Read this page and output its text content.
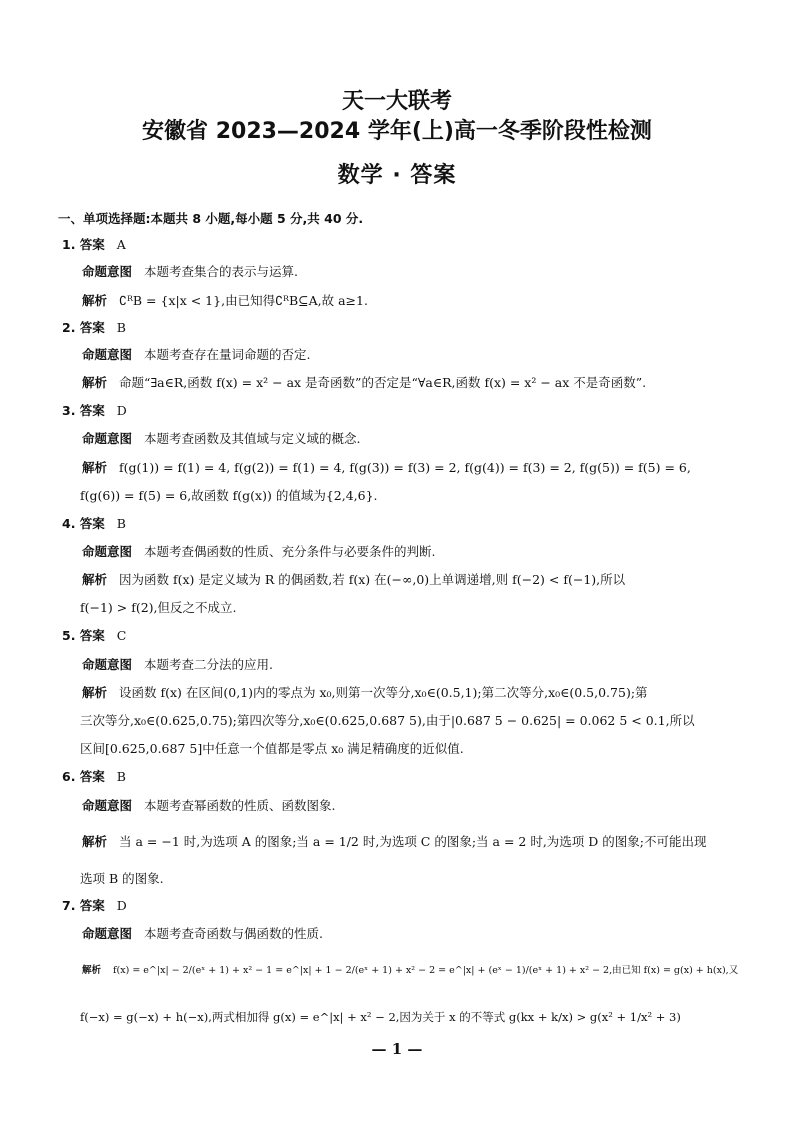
天一大联考
安徽省 2023—2024 学年(上)高一冬季阶段性检测
数学 · 答案
一、单项选择题:本题共 8 小题,每小题 5 分,共 40 分.
1. 答案 A
命题意图 本题考查集合的表示与运算.
解析 ∁ᴿB = {x|x < 1},由已知得∁ᴿB⊆A,故 a≥1.
2. 答案 B
命题意图 本题考查存在量词命题的否定.
解析 命题“∃a∈R,函数 f(x) = x² − ax 是奇函数”的否定是“∀a∈R,函数 f(x) = x² − ax 不是奇函数”.
3. 答案 D
命题意图 本题考查函数及其值域与定义域的概念.
解析 f(g(1)) = f(1) = 4, f(g(2)) = f(1) = 4, f(g(3)) = f(3) = 2, f(g(4)) = f(3) = 2, f(g(5)) = f(5) = 6,
f(g(6)) = f(5) = 6,故函数 f(g(x)) 的值域为{2,4,6}.
4. 答案 B
命题意图 本题考查偶函数的性质、充分条件与必要条件的判断.
解析 因为函数 f(x) 是定义域为 R 的偶函数,若 f(x) 在(−∞,0)上单调递增,则 f(−2) < f(−1),所以
f(−1) > f(2),但反之不成立.
5. 答案 C
命题意图 本题考查二分法的应用.
解析 设函数 f(x) 在区间(0,1)内的零点为 x₀,则第一次等分,x₀∈(0.5,1);第二次等分,x₀∈(0.5,0.75);第
三次等分,x₀∈(0.625,0.75);第四次等分,x₀∈(0.625,0.687 5),由于|0.687 5 − 0.625| = 0.062 5 < 0.1,所以
区间[0.625,0.687 5]中任意一个值都是零点 x₀ 满足精确度的近似值.
6. 答案 B
命题意图 本题考查幂函数的性质、函数图象.
解析 当 a = −1 时,为选项 A 的图象;当 a = 1/2 时,为选项 C 的图象;当 a = 2 时,为选项 D 的图象;不可能出现
选项 B 的图象.
7. 答案 D
命题意图 本题考查奇函数与偶函数的性质.
解析 f(x) = e^|x| − 2/(eˣ + 1) + x² − 1 = e^|x| + 1 − 2/(eˣ + 1) + x² − 2 = e^|x| + (eˣ − 1)/(eˣ + 1) + x² − 2,由已知 f(x) = g(x) + h(x),又
f(−x) = g(−x) + h(−x),两式相加得 g(x) = e^|x| + x² − 2,因为关于 x 的不等式 g(kx + k/x) > g(x² + 1/x² + 3)
— 1 —
